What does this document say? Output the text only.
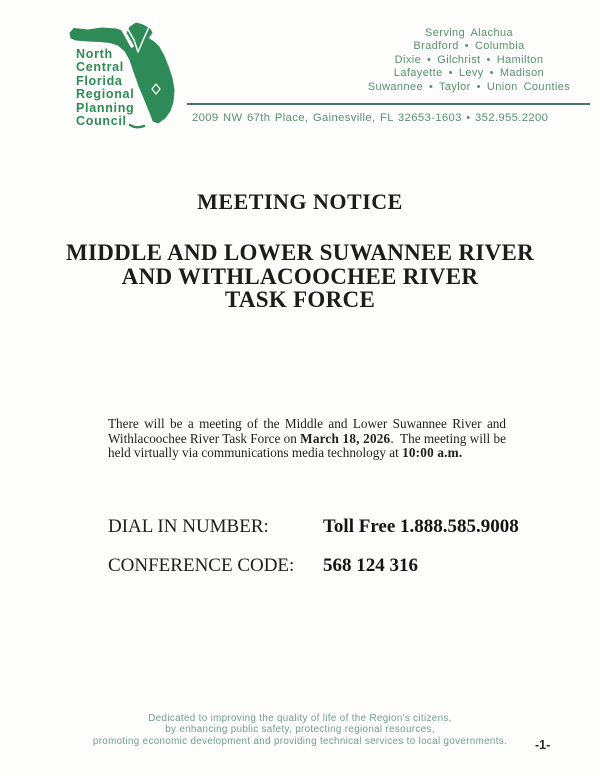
North
Central
Florida
Regional
Planning
Council
Serving Alachua
Bradford • Columbia
Dixie • Gilchrist • Hamilton
Lafayette • Levy • Madison
Suwannee • Taylor • Union Counties
2009 NW 67th Place, Gainesville, FL 32653-1603 • 352.955.2200
MEETING NOTICE
MIDDLE AND LOWER SUWANNEE RIVER
AND WITHLACOOCHEE RIVER
TASK FORCE

There will be a meeting of the Middle and Lower Suwannee River and Withlacoochee River Task Force on March 18, 2026.  The meeting will be held virtually via communications media technology at 10:00 a.m.

DIAL IN NUMBER:	Toll Free 1.888.585.9008
CONFERENCE CODE: 568 124 316
Dedicated to improving the quality of life of the Region's citizens,
by enhancing public safety, protecting regional resources,
promoting economic development and providing technical services to local governments.	-1-
